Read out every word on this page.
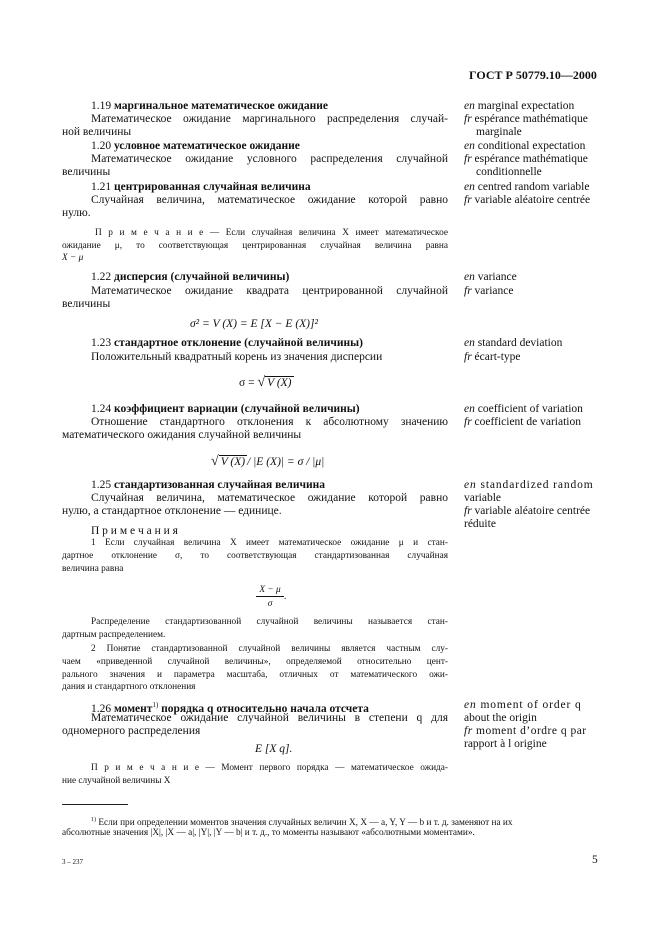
ГОСТ Р 50779.10—2000
1.19 маргинальное математическое ожидание
Математическое ожидание маргинального распределения случай-
ной величины
en marginal expectation
fr espérance mathématique
marginale
1.20 условное математическое ожидание
Математическое ожидание условного распределения случайной
величины
en conditional expectation
fr espérance mathématique
conditionnelle
1.21 центрированная случайная величина
Случайная величина, математическое ожидание которой равно
нулю.
en centred random variable
fr variable aléatoire centrée
П р и м е ч а н и е — Если случайная величина X имеет математическое
ожидание μ, то соответствующая центрированная случайная величина равна
X − μ
1.22 дисперсия (случайной величины)
Математическое ожидание квадрата центрированной случайной
величины
σ² = V (X) = E [X − E (X)]²
en variance
fr variance
1.23 стандартное отклонение (случайной величины)
Положительный квадратный корень из значения дисперсии
en standard deviation
fr écart-type
σ = √ V (X)
1.24 коэффициент вариации (случайной величины)
Отношение стандартного отклонения к абсолютному значению
математического ожидания случайной величины
en coefficient of variation
fr coefficient de variation
√ V (X) / |E (X)| = σ / |μ|
1.25 стандартизованная случайная величина
Случайная величина, математическое ожидание которой равно
нулю, а стандартное отклонение — единице.
en standardized random
variable
fr variable aléatoire centrée
réduite
П р и м е ч а н и я
1 Если случайная величина X имеет математическое ожидание μ и стан-
дартное отклонение σ, то соответствующая стандартизованная случайная
величина равна
X − μ
σ
.
Распределение стандартизованной случайной величины называется стан-
дартным распределением.
2 Понятие стандартизованной случайной величины является частным слу-
чаем «приведенной случайной величины», определяемой относительно цент-
рального значения и параметра масштаба, отличных от математического ожи-
дания и стандартного отклонения
1.26 момент$^{1)}$ порядка q относительно начала отсчета
Математическое ожидание случайной величины в степени q для
одномерного распределения
E [X q].
en moment of order q
about the origin
fr moment d’ordre q par
rapport à l origine
П р и м е ч а н и е — Момент первого порядка — математическое ожида-
ние случайной величины X
$^{1)}$ Если при определении моментов значения случайных величин X, X — a, Y, Y — b и т. д. заменяют на их
абсолютные значения |X|, |X — a|, |Y|, |Y — b| и т. д., то моменты называют «абсолютными моментами».
3 – 237	5
